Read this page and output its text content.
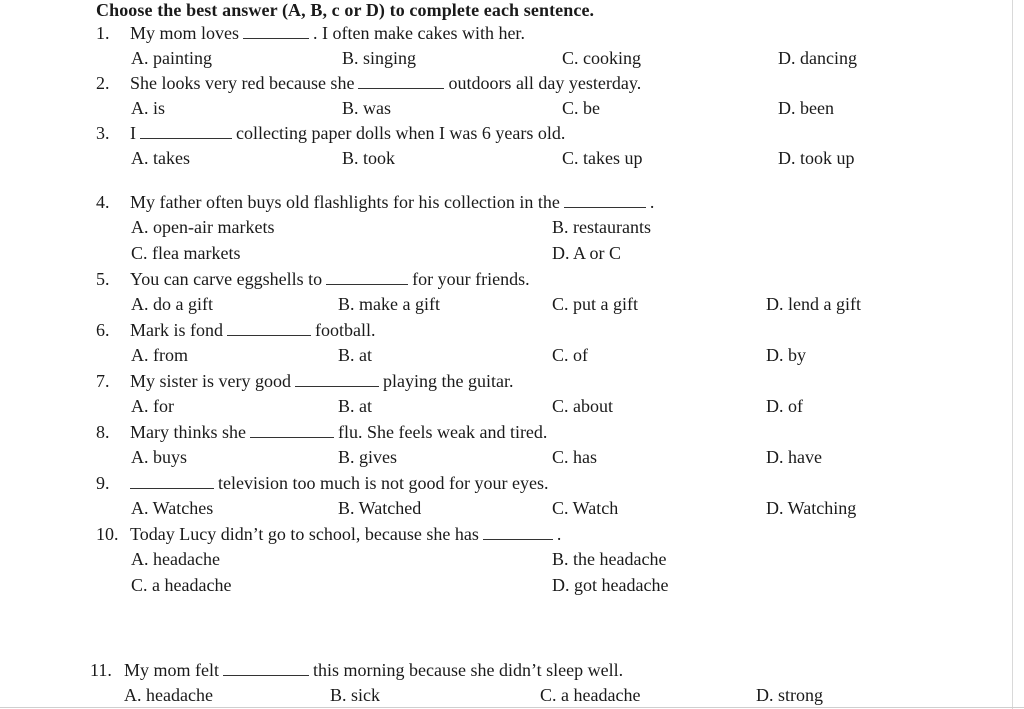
Choose the best answer (A, B, c or D) to complete each sentence.
1. My mom loves	. I often make cakes with her.
A. painting	B. singing	C. cooking	D. dancing
2. She looks very red because she	outdoors all day yesterday.
A. is	B. was	C. be	D. been
3. I	collecting paper dolls when I was 6 years old.
A. takes	B. took	C. takes up	D. took up
4. My father often buys old flashlights for his collection in the	.
A. open-air markets	B. restaurants
C. flea markets	D. A or C
5. You can carve eggshells to	for your friends.
A. do a gift	B. make a gift	C. put a gift	D. lend a gift
6. Mark is fond	football.
A. from	B. at	C. of	D. by
7. My sister is very good	playing the guitar.
A. for	B. at	C. about	D. of
8. Mary thinks she	flu. She feels weak and tired.
A. buys	B. gives	C. has	D. have
9.	television too much is not good for your eyes.
A. Watches	B. Watched	C. Watch	D. Watching
10. Today Lucy didn’t go to school, because she has	.
A. headache	B. the headache
C. a headache	D. got headache
11. My mom felt	this morning because she didn’t sleep well.
A. headache	B. sick	C. a headache	D. strong
